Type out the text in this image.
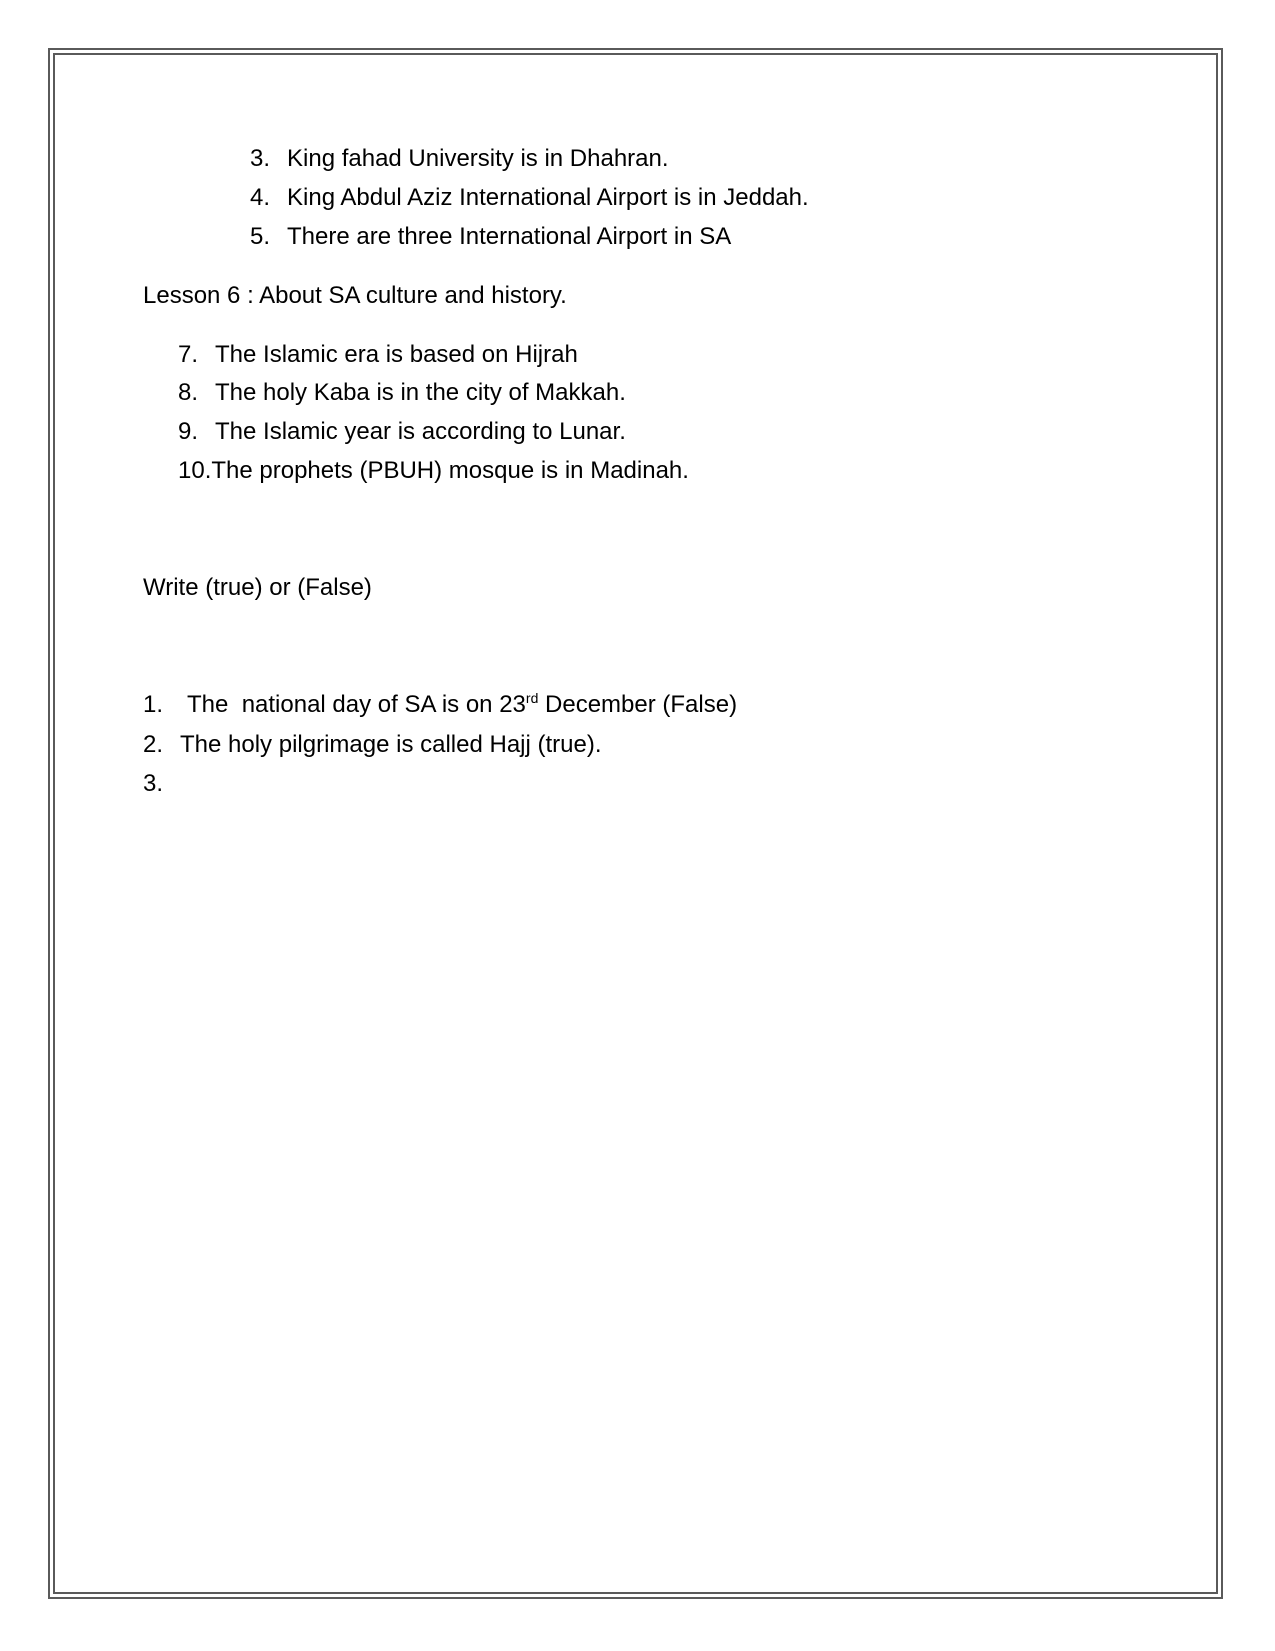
3. King fahad University is in Dhahran.
4. King Abdul Aziz International Airport is in Jeddah.
5. There are three International Airport in SA
Lesson 6 : About SA culture and history.
7. The Islamic era is based on Hijrah
8. The holy Kaba is in the city of Makkah.
9. The Islamic year is according to Lunar.
10.The prophets (PBUH) mosque is in Madinah.
Write (true) or (False)
1. The  national day of SA is on 23rd December (False)
2. The holy pilgrimage is called Hajj (true).
3.
